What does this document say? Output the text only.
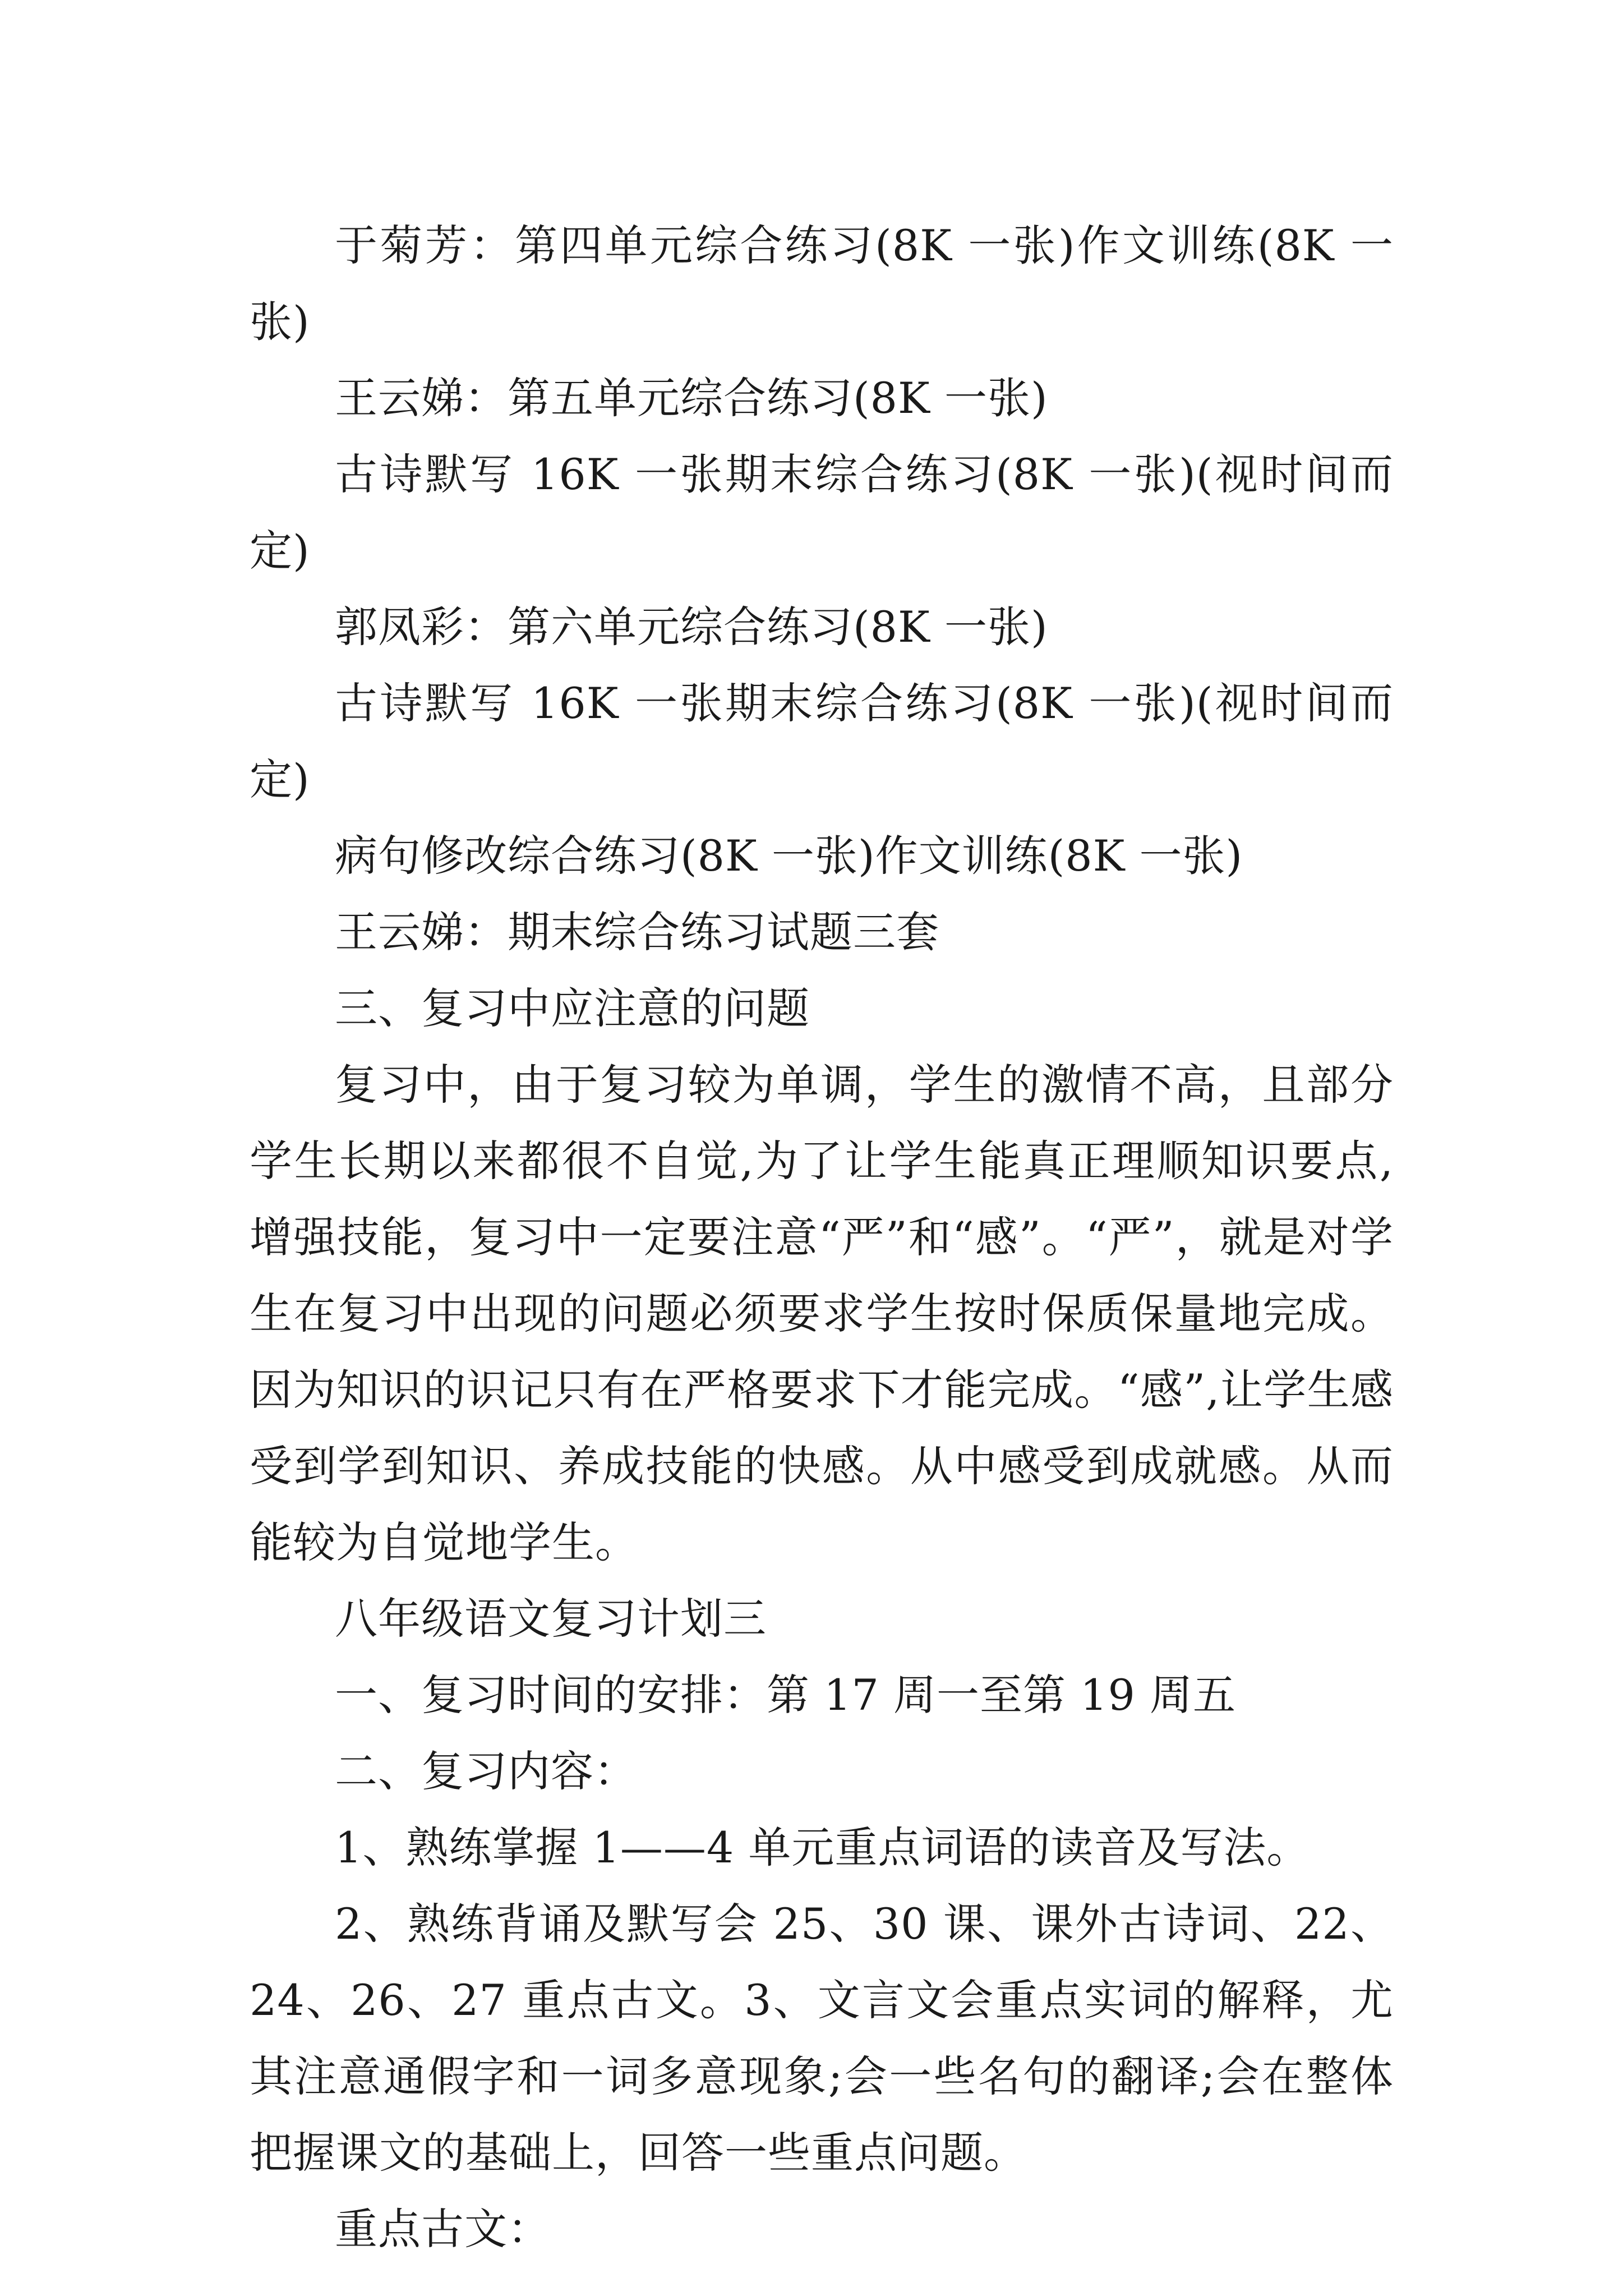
于菊芳：第四单元综合练习(8K 一张)作文训练(8K 一张)

王云娣：第五单元综合练习(8K 一张)

古诗默写 16K 一张期末综合练习(8K 一张)(视时间而定)

郭凤彩：第六单元综合练习(8K 一张)

古诗默写 16K 一张期末综合练习(8K 一张)(视时间而定)

病句修改综合练习(8K 一张)作文训练(8K 一张)

王云娣：期末综合练习试题三套

三、复习中应注意的问题

复习中，由于复习较为单调，学生的激情不高，且部分学生长期以来都很不自觉,为了让学生能真正理顺知识要点,增强技能，复习中一定要注意“严”和“感”。“严”，就是对学生在复习中出现的问题必须要求学生按时保质保量地完成。因为知识的识记只有在严格要求下才能完成。“感”,让学生感受到学到知识、养成技能的快感。从中感受到成就感。从而能较为自觉地学生。

八年级语文复习计划三

一、复习时间的安排：第 17 周一至第 19 周五

二、复习内容：

1、熟练掌握 1——4 单元重点词语的读音及写法。

2、熟练背诵及默写会 25、30 课、课外古诗词、22、24、26、27 重点古文。3、文言文会重点实词的解释，尤其注意通假字和一词多意现象;会一些名句的翻译;会在整体把握课文的基础上，回答一些重点问题。

重点古文：
